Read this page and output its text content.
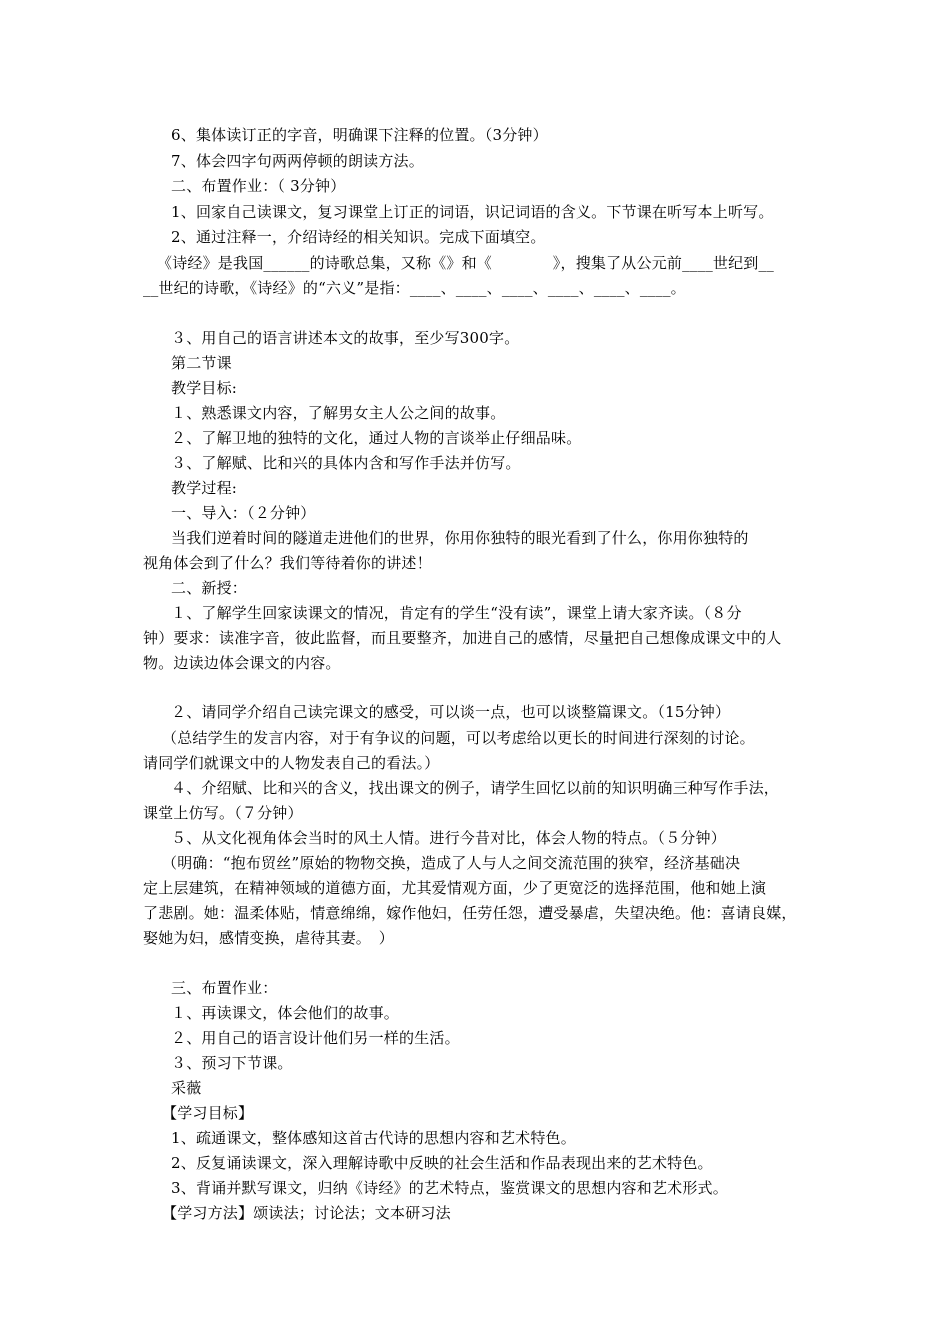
6、集体读订正的字音，明确课下注释的位置。（3分钟）
7、体会四字句两两停顿的朗读方法。
二、布置作业：（ 3分钟）
1、回家自己读课文，复习课堂上订正的词语，识记词语的含义。下节课在听写本上听写。
2、通过注释一，介绍诗经的相关知识。完成下面填空。
《诗经》是我国______的诗歌总集，又称《》和《　　　　》，搜集了从公元前____世纪到__
__世纪的诗歌，《诗经》的“六义”是指：____、____、____、____、____、____。
３、用自己的语言讲述本文的故事，至少写300字。
第二节课
教学目标:
１、熟悉课文内容，了解男女主人公之间的故事。
２、了解卫地的独特的文化，通过人物的言谈举止仔细品味。
３、了解赋、比和兴的具体内含和写作手法并仿写。
教学过程:
一、导入：（２分钟）
当我们逆着时间的隧道走进他们的世界，你用你独特的眼光看到了什么，你用你独特的
视角体会到了什么？我们等待着你的讲述！
二、新授：
１、了解学生回家读课文的情况，肯定有的学生“没有读”，课堂上请大家齐读。（８分
钟）要求：读准字音，彼此监督，而且要整齐，加进自己的感情，尽量把自己想像成课文中的人
物。边读边体会课文的内容。
２、请同学介绍自己读完课文的感受，可以谈一点，也可以谈整篇课文。（15分钟）
（总结学生的发言内容，对于有争议的问题，可以考虑给以更长的时间进行深刻的讨论。
请同学们就课文中的人物发表自己的看法。）
４、介绍赋、比和兴的含义，找出课文的例子，请学生回忆以前的知识明确三种写作手法，
课堂上仿写。（７分钟）
５、从文化视角体会当时的风土人情。进行今昔对比，体会人物的特点。（５分钟）
（明确：“抱布贸丝”原始的物物交换，造成了人与人之间交流范围的狭窄，经济基础决
定上层建筑，在精神领域的道德方面，尤其爱情观方面，少了更宽泛的选择范围，他和她上演
了悲剧。她：温柔体贴，情意绵绵，嫁作他妇，任劳任怨，遭受暴虐，失望决绝。他：喜请良媒，
娶她为妇，感情变换，虐待其妻。　）
三、布置作业：
１、再读课文，体会他们的故事。
２、用自己的语言设计他们另一样的生活。
３、预习下节课。
采薇
【学习目标】
1、疏通课文，整体感知这首古代诗的思想内容和艺术特色。
2、反复诵读课文，深入理解诗歌中反映的社会生活和作品表现出来的艺术特色。
3、背诵并默写课文，归纳《诗经》的艺术特点，鉴赏课文的思想内容和艺术形式。
【学习方法】颂读法；讨论法；文本研习法
